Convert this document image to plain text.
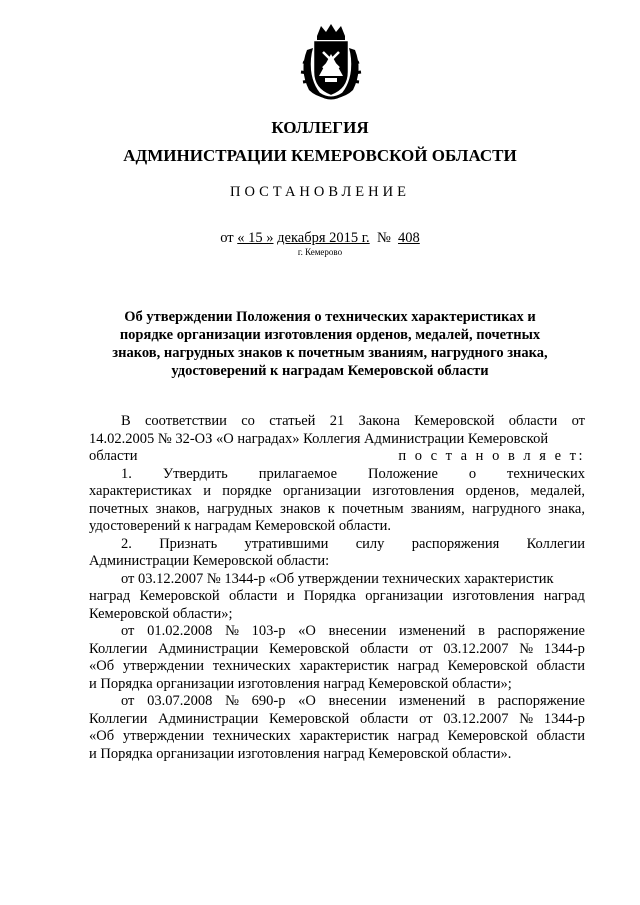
КОЛЛЕГИЯ
АДМИНИСТРАЦИИ КЕМЕРОВСКОЙ ОБЛАСТИ
ПОСТАНОВЛЕНИЕ
от « 15 » декабря 2015 г. № 408
г. Кемерово
Об утверждении Положения о технических характеристиках и
порядке организации изготовления орденов, медалей, почетных
знаков, нагрудных знаков к почетным званиям, нагрудного знака,
удостоверений к наградам Кемеровской области
В соответствии со статьей 21 Закона Кемеровской области от
14.02.2005 № 32-ОЗ «О наградах» Коллегия Администрации Кемеровской
области	п о с т а н о в л я е т:
1. Утвердить прилагаемое Положение о технических
характеристиках и порядке организации изготовления орденов, медалей,
почетных знаков, нагрудных знаков к почетным званиям, нагрудного знака,
удостоверений к наградам Кемеровской области.
2. Признать утратившими силу распоряжения Коллегии
Администрации Кемеровской области:
от 03.12.2007 № 1344-р «Об утверждении технических характеристик
наград Кемеровской области и Порядка организации изготовления наград
Кемеровской области»;
от 01.02.2008 № 103-р «О внесении изменений в распоряжение
Коллегии Администрации Кемеровской области от 03.12.2007 № 1344-р
«Об утверждении технических характеристик наград Кемеровской области
и Порядка организации изготовления наград Кемеровской области»;
от 03.07.2008 № 690-р «О внесении изменений в распоряжение
Коллегии Администрации Кемеровской области от 03.12.2007 № 1344-р
«Об утверждении технических характеристик наград Кемеровской области
и Порядка организации изготовления наград Кемеровской области».
